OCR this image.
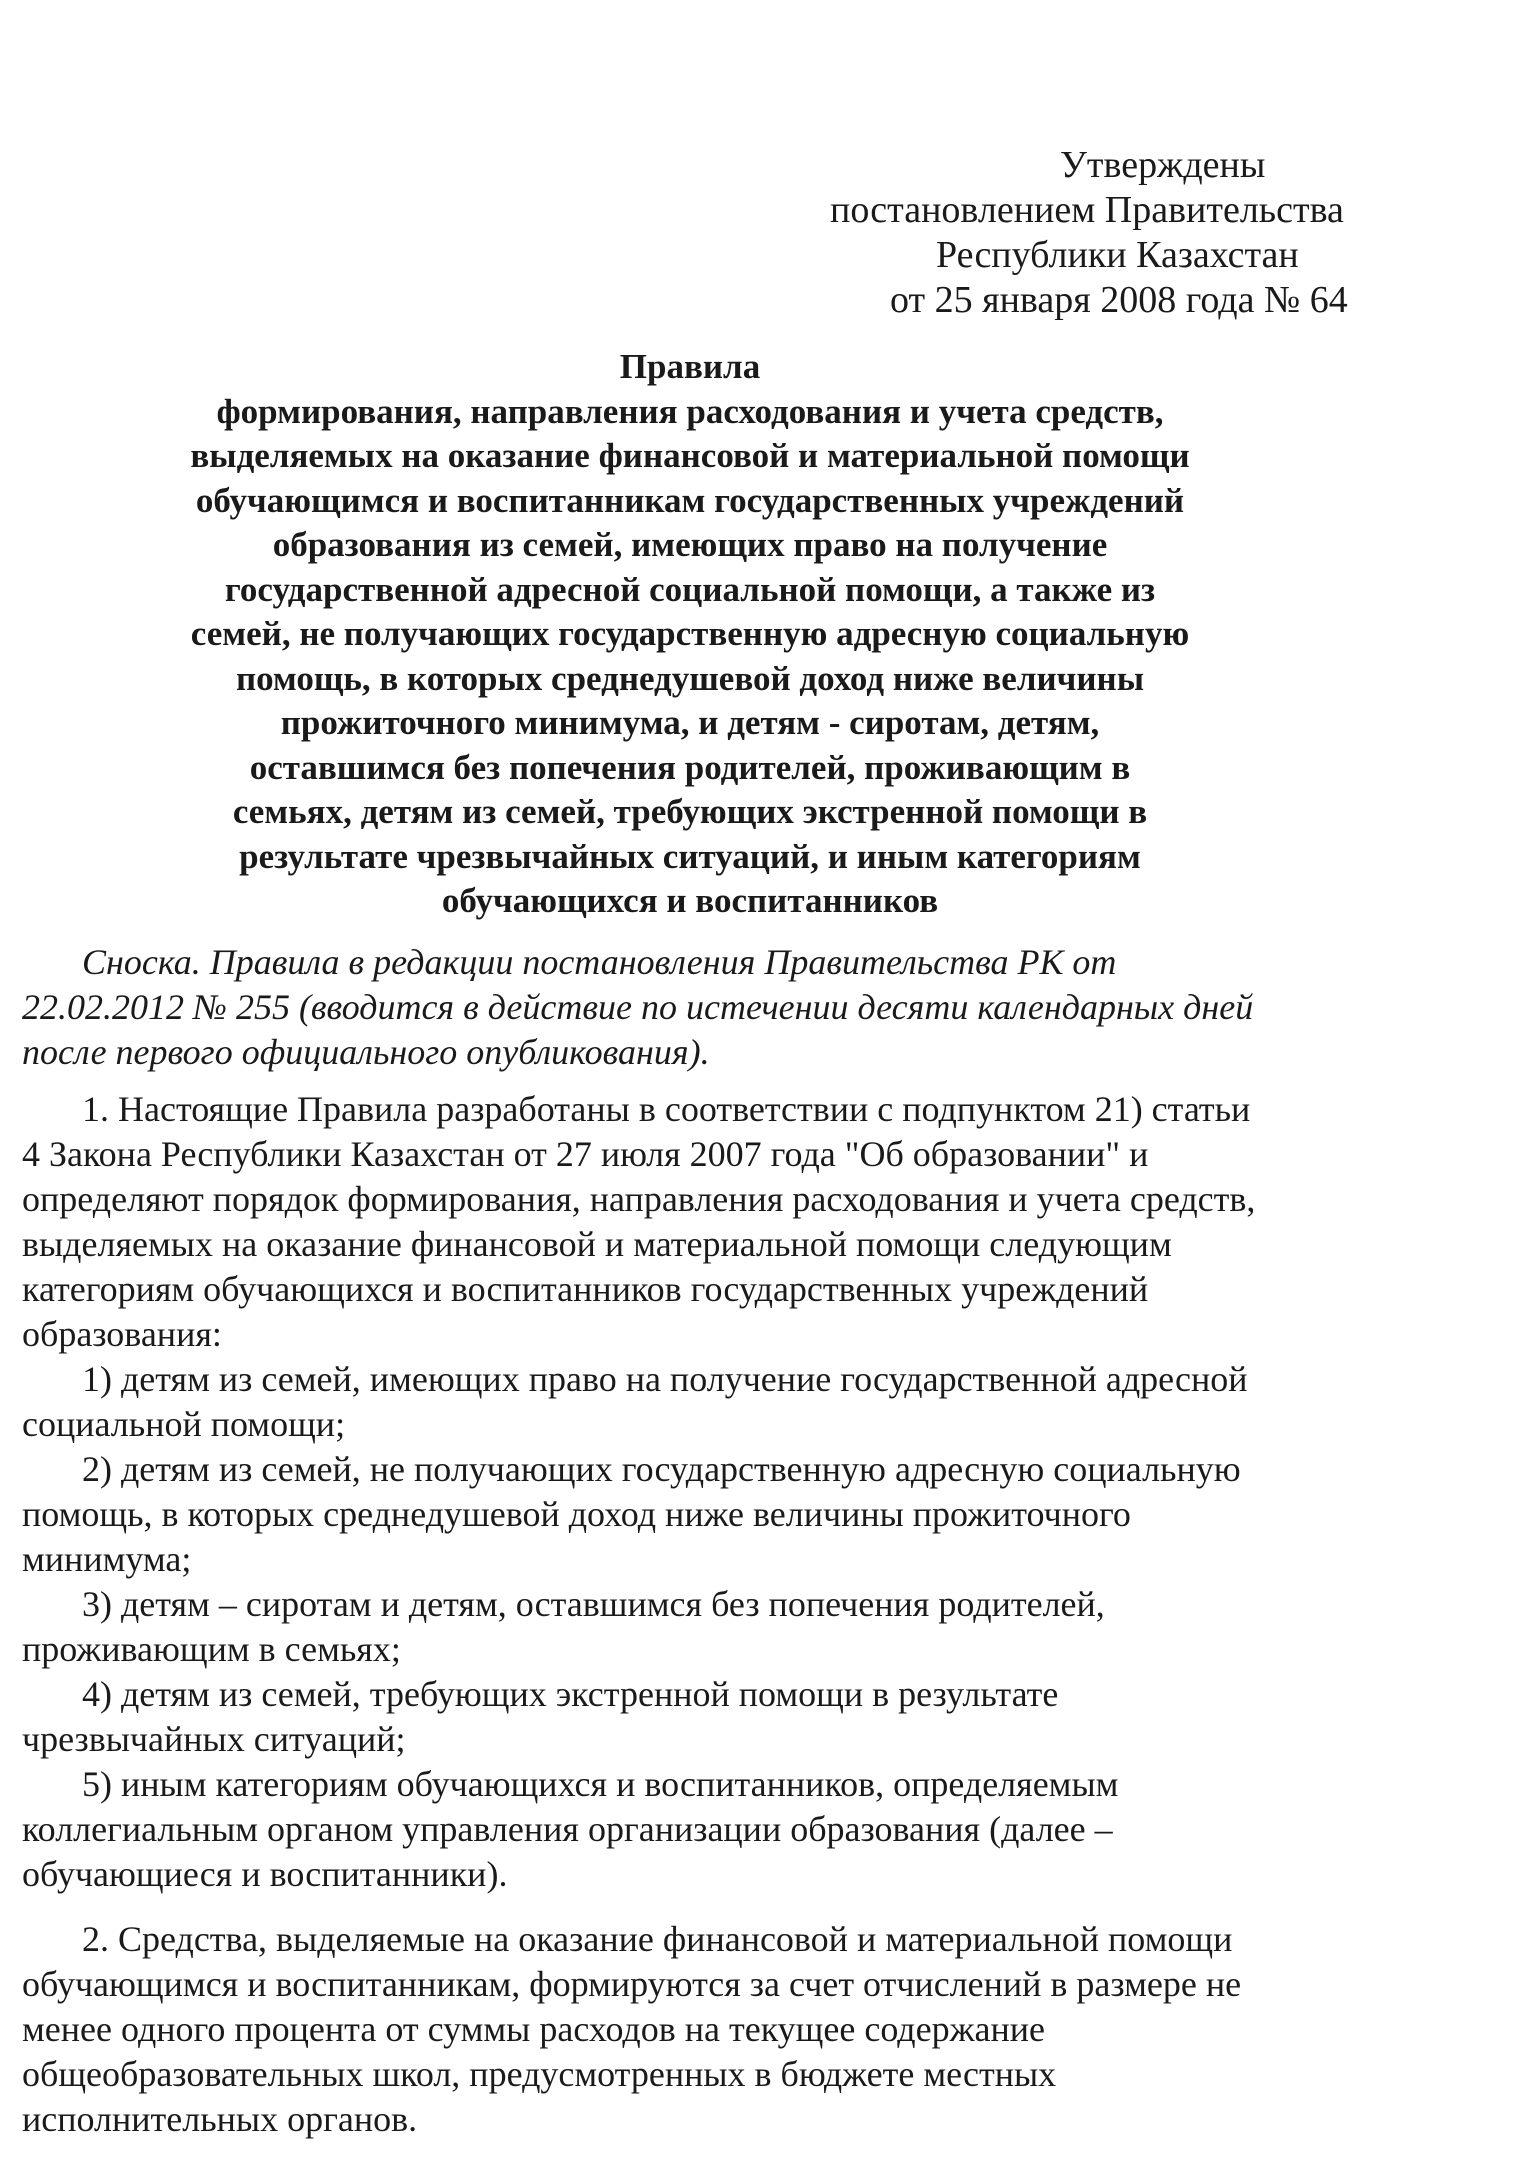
Утверждены
постановлением Правительства
Республики Казахстан
от 25 января 2008 года № 64
Правила
формирования, направления расходования и учета средств,
выделяемых на оказание финансовой и материальной помощи
обучающимся и воспитанникам государственных учреждений
образования из семей, имеющих право на получение
государственной адресной социальной помощи, а также из
семей, не получающих государственную адресную социальную
помощь, в которых среднедушевой доход ниже величины
прожиточного минимума, и детям - сиротам, детям,
оставшимся без попечения родителей, проживающим в
семьях, детям из семей, требующих экстренной помощи в
результате чрезвычайных ситуаций, и иным категориям
обучающихся и воспитанников
Сноска. Правила в редакции постановления Правительства РК от
22.02.2012 № 255 (вводится в действие по истечении десяти календарных дней
после первого официального опубликования).
1. Настоящие Правила разработаны в соответствии с подпунктом 21) статьи
4 Закона Республики Казахстан от 27 июля 2007 года "Об образовании" и
определяют порядок формирования, направления расходования и учета средств,
выделяемых на оказание финансовой и материальной помощи следующим
категориям обучающихся и воспитанников государственных учреждений
образования:
1) детям из семей, имеющих право на получение государственной адресной
социальной помощи;
2) детям из семей, не получающих государственную адресную социальную
помощь, в которых среднедушевой доход ниже величины прожиточного
минимума;
3) детям – сиротам и детям, оставшимся без попечения родителей,
проживающим в семьях;
4) детям из семей, требующих экстренной помощи в результате
чрезвычайных ситуаций;
5) иным категориям обучающихся и воспитанников, определяемым
коллегиальным органом управления организации образования (далее –
обучающиеся и воспитанники).
2. Средства, выделяемые на оказание финансовой и материальной помощи
обучающимся и воспитанникам, формируются за счет отчислений в размере не
менее одного процента от суммы расходов на текущее содержание
общеобразовательных школ, предусмотренных в бюджете местных
исполнительных органов.
